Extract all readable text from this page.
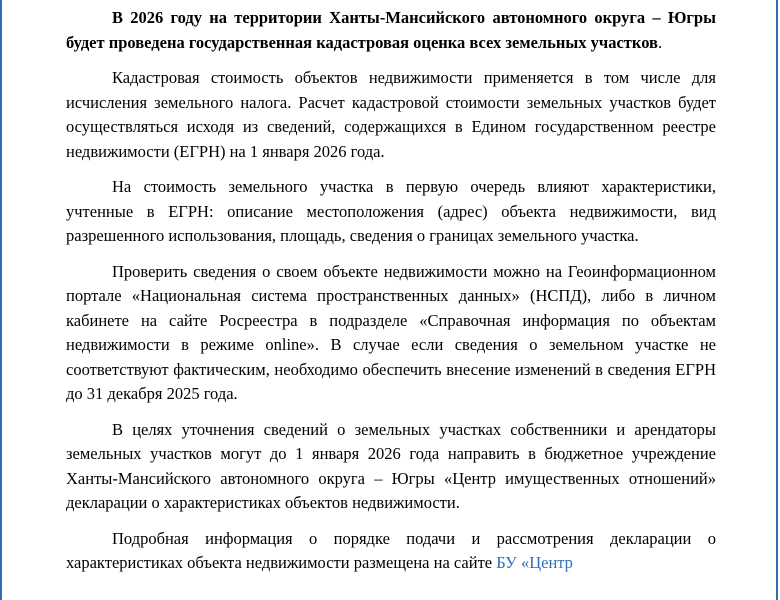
В 2026 году на территории Ханты-Мансийского автономного округа – Югры будет проведена государственная кадастровая оценка всех земельных участков.

Кадастровая стоимость объектов недвижимости применяется в том числе для исчисления земельного налога. Расчет кадастровой стоимости земельных участков будет осуществляться исходя из сведений, содержащихся в Едином государственном реестре недвижимости (ЕГРН) на 1 января 2026 года.

На стоимость земельного участка в первую очередь влияют характеристики, учтенные в ЕГРН: описание местоположения (адрес) объекта недвижимости, вид разрешенного использования, площадь, сведения о границах земельного участка.

Проверить сведения о своем объекте недвижимости можно на Геоинформационном портале «Национальная система пространственных данных» (НСПД), либо в личном кабинете на сайте Росреестра в подразделе «Справочная информация по объектам недвижимости в режиме online». В случае если сведения о земельном участке не соответствуют фактическим, необходимо обеспечить внесение изменений в сведения ЕГРН до 31 декабря 2025 года.

В целях уточнения сведений о земельных участках собственники и арендаторы земельных участков могут до 1 января 2026 года направить в бюджетное учреждение Ханты-Мансийского автономного округа – Югры «Центр имущественных отношений» декларации о характеристиках объектов недвижимости.

Подробная информация о порядке подачи и рассмотрения декларации о характеристиках объекта недвижимости размещена на сайте БУ «Центр
